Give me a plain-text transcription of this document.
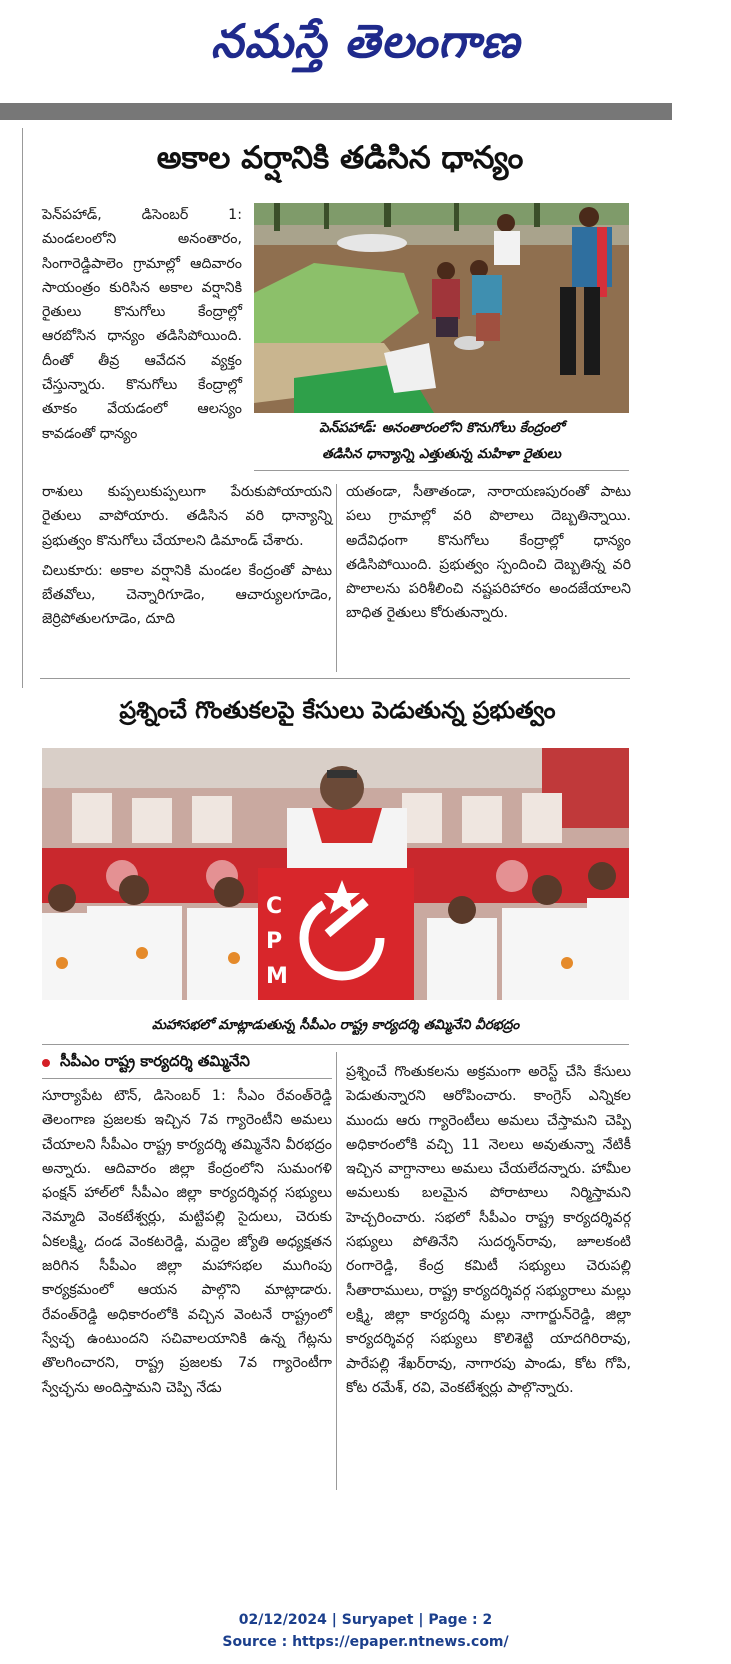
నమస్తే తెలంగాణ
అకాల వర్షానికి తడిసిన ధాన్యం

పెన్‌పహాడ్‌, డిసెంబర్‌ 1: మండలంలోని అనంతారం, సింగారెడ్డిపాలెం గ్రామాల్లో ఆదివారం సాయంత్రం కురిసిన అకాల వర్షానికి రైతులు కొనుగోలు కేంద్రాల్లో ఆరబోసిన ధాన్యం తడిసిపోయింది. దీంతో తీవ్ర ఆవేదన వ్యక్తం చేస్తున్నారు. కొనుగోలు కేంద్రాల్లో తూకం వేయడంలో ఆలస్యం కావడంతో ధాన్యం	పెన్‌పహాడ్‌: అనంతారంలోని కొనుగోలు కేంద్రంలో
తడిసిన ధాన్యాన్ని ఎత్తుతున్న మహిళా రైతులు

రాశులు కుప్పలుకుప్పలుగా పేరుకుపోయాయని రైతులు వాపోయారు. తడిసిన వరి ధాన్యాన్ని ప్రభుత్వం కొనుగోలు చేయాలని డిమాండ్‌ చేశారు.

చిలుకూరు: అకాల వర్షానికి మండల కేంద్రంతో పాటు బేతవోలు, చెన్నారిగూడెం, ఆచార్యులగూడెం, జెర్రిపోతులగూడెం, దూది

యతండా, సీతాతండా, నారాయణపురంతో పాటు పలు గ్రామాల్లో వరి పొలాలు దెబ్బతిన్నాయి. అదేవిధంగా కొనుగోలు కేంద్రాల్లో ధాన్యం తడిసిపోయింది. ప్రభుత్వం స్పందించి దెబ్బతిన్న వరి పొలాలను పరిశీలించి నష్టపరిహారం అందజేయాలని బాధిత రైతులు కోరుతున్నారు.

ప్రశ్నించే గొంతుకలపై కేసులు పెడుతున్న ప్రభుత్వం
C
P
M
మహాసభలో మాట్లాడుతున్న సీపీఎం రాష్ట్ర కార్యదర్శి తమ్మినేని వీరభద్రం
సీపీఎం రాష్ట్ర కార్యదర్శి తమ్మినేని

సూర్యాపేట టౌన్‌, డిసెంబర్‌ 1: సీఎం రేవంత్‌రెడ్డి తెలంగాణ ప్రజలకు ఇచ్చిన 7వ గ్యారెంటీని అమలు చేయాలని సీపీఎం రాష్ట్ర కార్యదర్శి తమ్మినేని వీరభద్రం అన్నారు. ఆదివారం జిల్లా కేంద్రంలోని సుమంగళి ఫంక్షన్‌ హాల్‌లో సీపీఎం జిల్లా కార్యదర్శివర్గ సభ్యులు నెమ్మాది వెంకటేశ్వర్లు, మట్టిపల్లి సైదులు, చెరుకు ఏకలక్ష్మి, దండ వెంకటరెడ్డి, మద్దెల జ్యోతి అధ్యక్షతన జరిగిన సీపీఎం జిల్లా మహాసభల ముగింపు కార్యక్రమంలో ఆయన పాల్గొని మాట్లాడారు. రేవంత్‌రెడ్డి అధికారంలోకి వచ్చిన వెంటనే రాష్ట్రంలో స్వేచ్ఛ ఉంటుందని సచివాలయానికి ఉన్న గేట్లను తొలగించారని, రాష్ట్ర ప్రజలకు 7వ గ్యారెంటీగా స్వేచ్ఛను అందిస్తామని చెప్పి నేడు

ప్రశ్నించే గొంతుకలను అక్రమంగా అరెస్ట్‌ చేసి కేసులు పెడుతున్నారని ఆరోపించారు. కాంగ్రెస్‌ ఎన్నికల ముందు ఆరు గ్యారెంటీలు అమలు చేస్తామని చెప్పి అధికారంలోకి వచ్చి 11 నెలలు అవుతున్నా నేటికీ ఇచ్చిన వాగ్దానాలు అమలు చేయలేదన్నారు. హామీల అమలుకు బలమైన పోరాటాలు నిర్మిస్తామని హెచ్చరించారు. సభలో సీపీఎం రాష్ట్ర కార్యదర్శివర్గ సభ్యులు పోతినేని సుదర్శన్‌రావు, జూలకంటి రంగారెడ్డి, కేంద్ర కమిటీ సభ్యులు చెరుపల్లి సీతారాములు, రాష్ట్ర కార్యదర్శివర్గ సభ్యురాలు మల్లు లక్ష్మి, జిల్లా కార్యదర్శి మల్లు నాగార్జున్‌రెడ్డి, జిల్లా కార్యదర్శివర్గ సభ్యులు కొలిశెట్టి యాదగిరిరావు, పారేపల్లి శేఖర్‌రావు, నాగారపు పాండు, కోట గోపి, కోట రమేశ్‌, రవి, వెంకటేశ్వర్లు పాల్గొన్నారు.

02/12/2024 | Suryapet | Page : 2
Source : https://epaper.ntnews.com/
